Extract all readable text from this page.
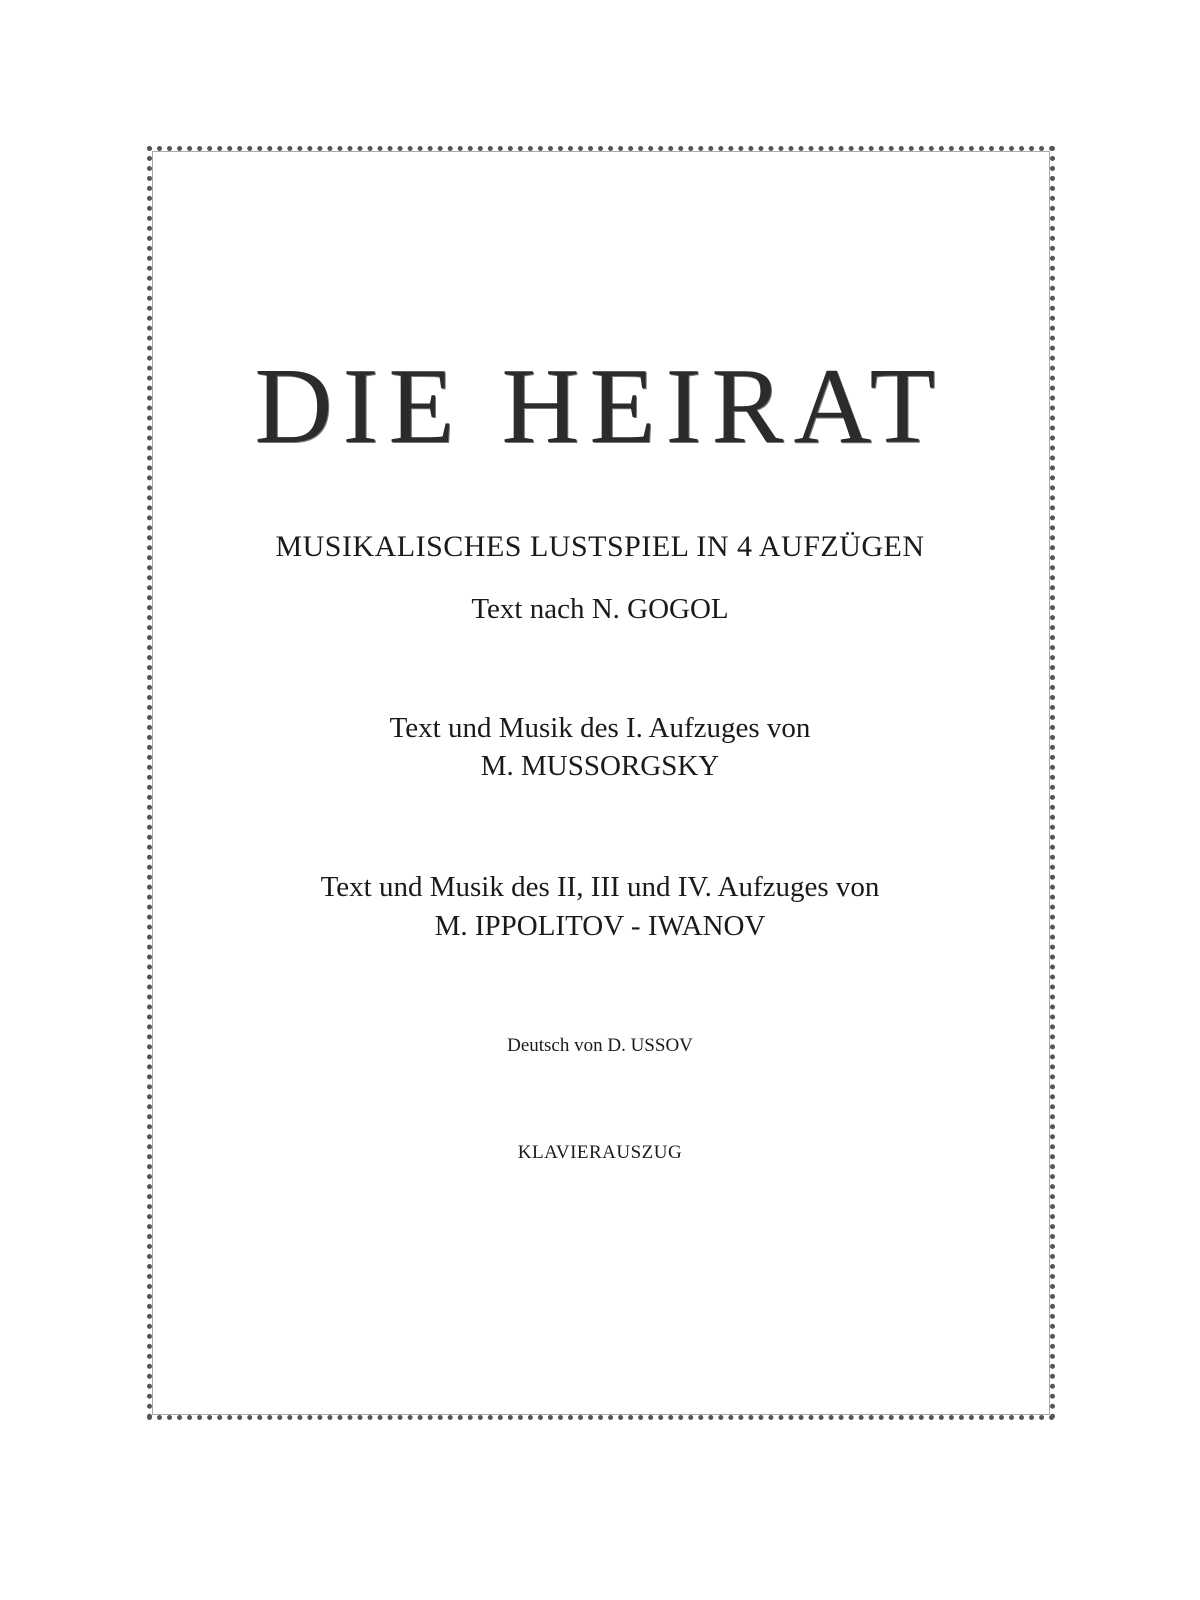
DIE HEIRAT
MUSIKALISCHES LUSTSPIEL IN 4 AUFZÜGEN
Text nach N. GOGOL
Text und Musik des I. Aufzuges von
M. MUSSORGSKY
Text und Musik des II, III und IV. Aufzuges von
M. IPPOLITOV - IWANOV
Deutsch von D. USSOV
KLAVIERAUSZUG
